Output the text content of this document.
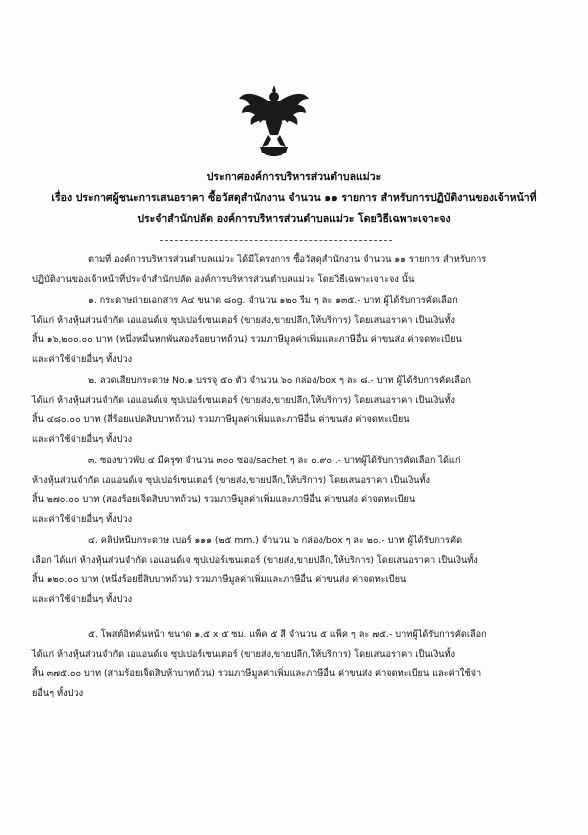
ประกาศองค์การบริหารส่วนตำบลแม่วะ
เรื่อง ประกาศผู้ชนะการเสนอราคา ซื้อวัสดุสำนักงาน จำนวน ๑๑ รายการ สำหรับการปฏิบัติงานของเจ้าหน้าที่
ประจำสำนักปลัด องค์การบริหารส่วนตำบลแม่วะ โดยวิธีเฉพาะเจาะจง
ตามที่ องค์การบริหารส่วนตำบลแม่วะ ได้มีโครงการ ซื้อวัสดุสำนักงาน จำนวน ๑๑ รายการ สำหรับการ
ปฏิบัติงานของเจ้าหน้าที่ประจำสำนักปลัด องค์การบริหารส่วนตำบลแม่วะ โดยวิธีเฉพาะเจาะจง นั้น
๑. กระดาษถ่ายเอกสาร A๔ ขนาด ๘๐g. จำนวน ๑๒๐ รีม ๆ ละ ๑๓๕.- บาท ผู้ได้รับการคัดเลือก
ได้แก่ ห้างหุ้นส่วนจำกัด เอแอนด์เจ ซุปเปอร์เซนเตอร์ (ขายส่ง,ขายปลีก,ให้บริการ) โดยเสนอราคา เป็นเงินทั้ง
สิ้น ๑๖,๒๐๐.๐๐ บาท (หนึ่งหมื่นหกพันสองร้อยบาทถ้วน) รวมภาษีมูลค่าเพิ่มและภาษีอื่น ค่าขนส่ง ค่าจดทะเบียน
และค่าใช้จ่ายอื่นๆ ทั้งปวง
๒. ลวดเสียบกระดาษ No.๑ บรรจุ ๕๐ ตัว จำนวน ๖๐ กล่อง/box ๆ ละ ๘.- บาท ผู้ได้รับการคัดเลือก
ได้แก่ ห้างหุ้นส่วนจำกัด เอแอนด์เจ ซุปเปอร์เซนเตอร์ (ขายส่ง,ขายปลีก,ให้บริการ) โดยเสนอราคา เป็นเงินทั้ง
สิ้น ๔๘๐.๐๐ บาท (สี่ร้อยแปดสิบบาทถ้วน) รวมภาษีมูลค่าเพิ่มและภาษีอื่น ค่าขนส่ง ค่าจดทะเบียน
และค่าใช้จ่ายอื่นๆ ทั้งปวง
๓. ซองขาวพับ ๔ มีครุฑ จำนวน ๓๐๐ ซอง/sachet ๆ ละ ๐.๙๐ .- บาทผู้ได้รับการคัดเลือก ได้แก่
ห้างหุ้นส่วนจำกัด เอแอนด์เจ ซุปเปอร์เซนเตอร์ (ขายส่ง,ขายปลีก,ให้บริการ) โดยเสนอราคา เป็นเงินทั้ง
สิ้น ๒๗๐.๐๐ บาท (สองร้อยเจ็ดสิบบาทถ้วน) รวมภาษีมูลค่าเพิ่มและภาษีอื่น ค่าขนส่ง ค่าจดทะเบียน
และค่าใช้จ่ายอื่นๆ ทั้งปวง
๔. คลิปหนีบกระดาษ เบอร์ ๑๑๑ (๒๕ mm.) จำนวน ๖ กล่อง/box ๆ ละ ๒๐.- บาท ผู้ได้รับการคัด
เลือก ได้แก่ ห้างหุ้นส่วนจำกัด เอแอนด์เจ ซุปเปอร์เซนเตอร์ (ขายส่ง,ขายปลีก,ให้บริการ) โดยเสนอราคา เป็นเงินทั้ง
สิ้น ๑๒๐.๐๐ บาท (หนึ่งร้อยยี่สิบบาทถ้วน) รวมภาษีมูลค่าเพิ่มและภาษีอื่น ค่าขนส่ง ค่าจดทะเบียน
และค่าใช้จ่ายอื่นๆ ทั้งปวง
๕. โพสต์อิทคั่นหน้า ขนาด ๑.๕ x ๕ ซม. แพ็ค ๕ สี จำนวน ๕ แพ็ค ๆ ละ ๗๕.- บาทผู้ได้รับการคัดเลือก
ได้แก่ ห้างหุ้นส่วนจำกัด เอแอนด์เจ ซุปเปอร์เซนเตอร์ (ขายส่ง,ขายปลีก,ให้บริการ) โดยเสนอราคา เป็นเงินทั้ง
สิ้น ๓๗๕.๐๐ บาท (สามร้อยเจ็ดสิบห้าบาทถ้วน) รวมภาษีมูลค่าเพิ่มและภาษีอื่น ค่าขนส่ง ค่าจดทะเบียน และค่าใช้จ่า
ยอื่นๆ ทั้งปวง
